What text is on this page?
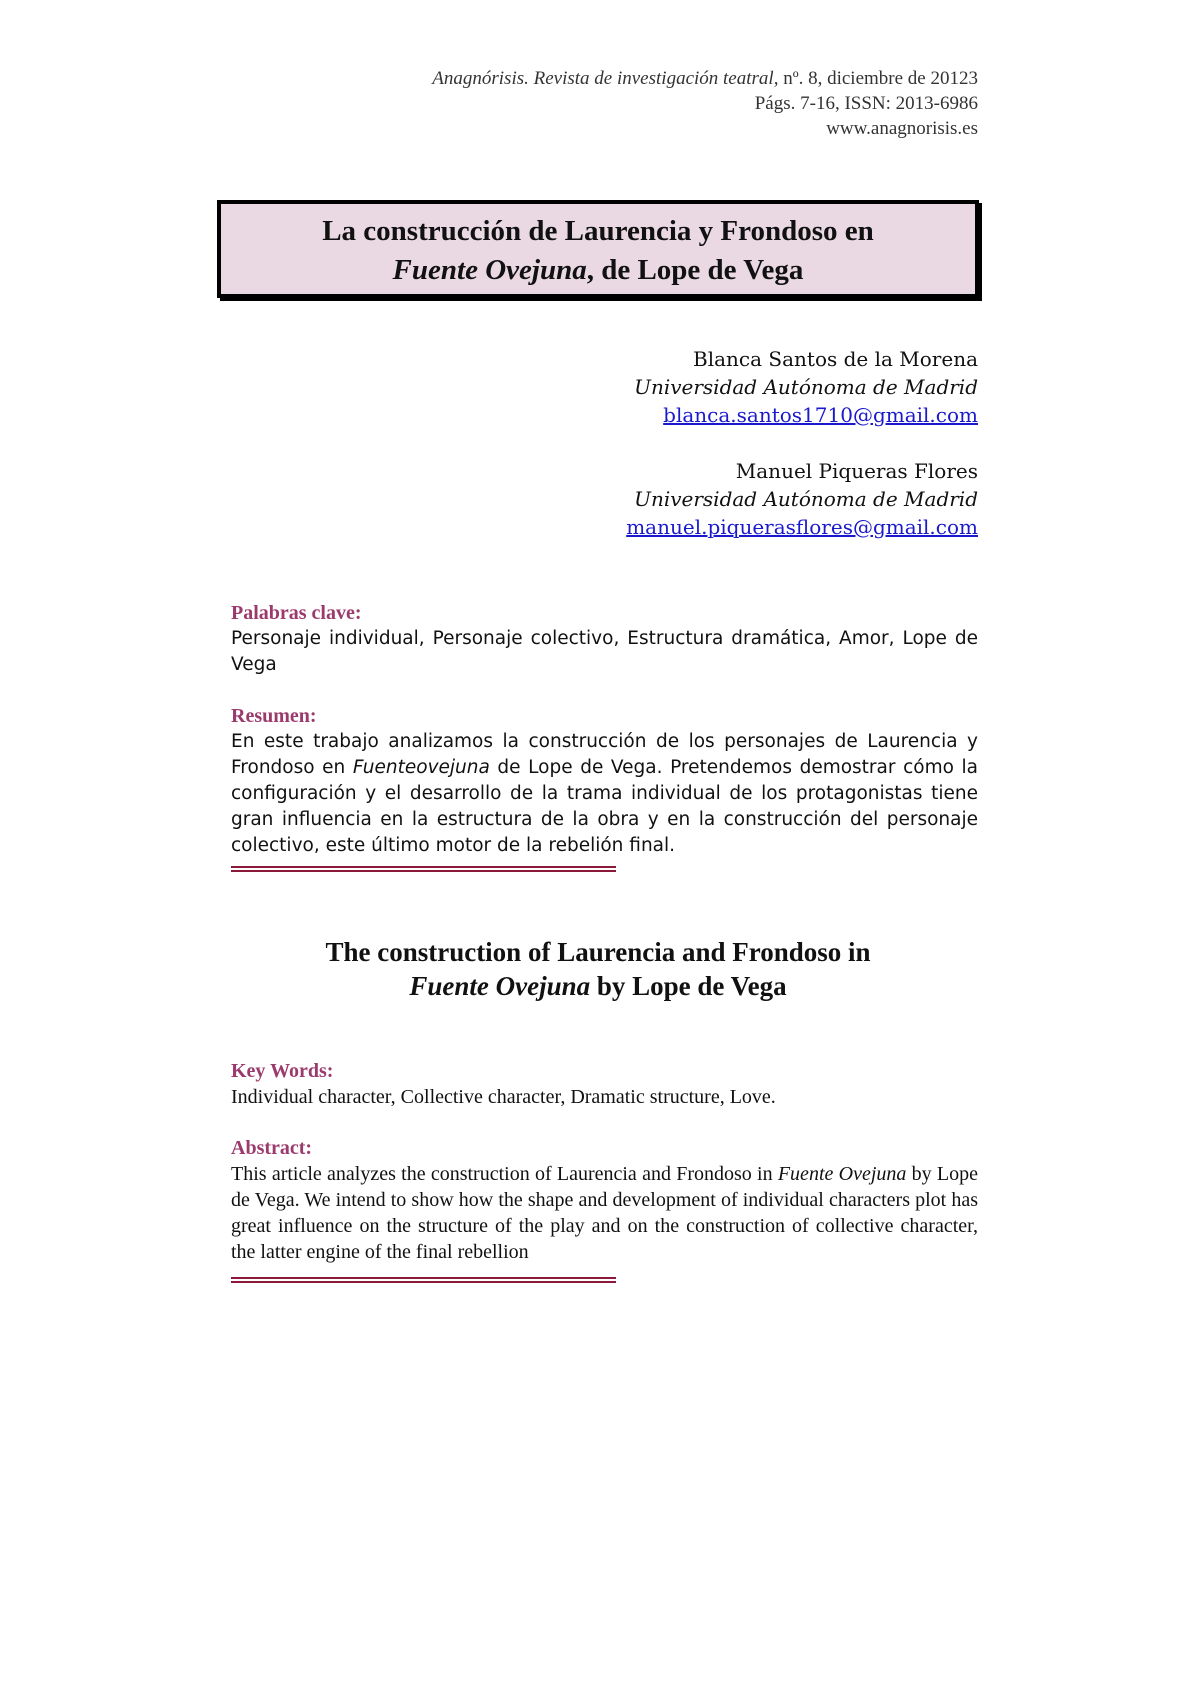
Anagnórisis. Revista de investigación teatral, nº. 8, diciembre de 20123
Págs. 7-16, ISSN: 2013-6986
www.anagnorisis.es
La construcción de Laurencia y Frondoso en
Fuente Ovejuna, de Lope de Vega
Blanca Santos de la Morena
Universidad Autónoma de Madrid
blanca.santos1710@gmail.com
Manuel Piqueras Flores
Universidad Autónoma de Madrid
manuel.piquerasflores@gmail.com
Palabras clave:
Personaje individual, Personaje colectivo, Estructura dramática, Amor, Lope de Vega
Resumen:
En este trabajo analizamos la construcción de los personajes de Laurencia y Frondoso en Fuenteovejuna de Lope de Vega. Pretendemos demostrar cómo la configuración y el desarrollo de la trama individual de los protagonistas tiene gran influencia en la estructura de la obra y en la construcción del personaje colectivo, este último motor de la rebelión final.
The construction of Laurencia and Frondoso in
Fuente Ovejuna by Lope de Vega
Key Words:
Individual character, Collective character, Dramatic structure, Love.
Abstract:
This article analyzes the construction of Laurencia and Frondoso in Fuente Ovejuna by Lope de Vega. We intend to show how the shape and development of individual characters plot has great influence on the structure of the play and on the construction of collective character, the latter engine of the final rebellion
